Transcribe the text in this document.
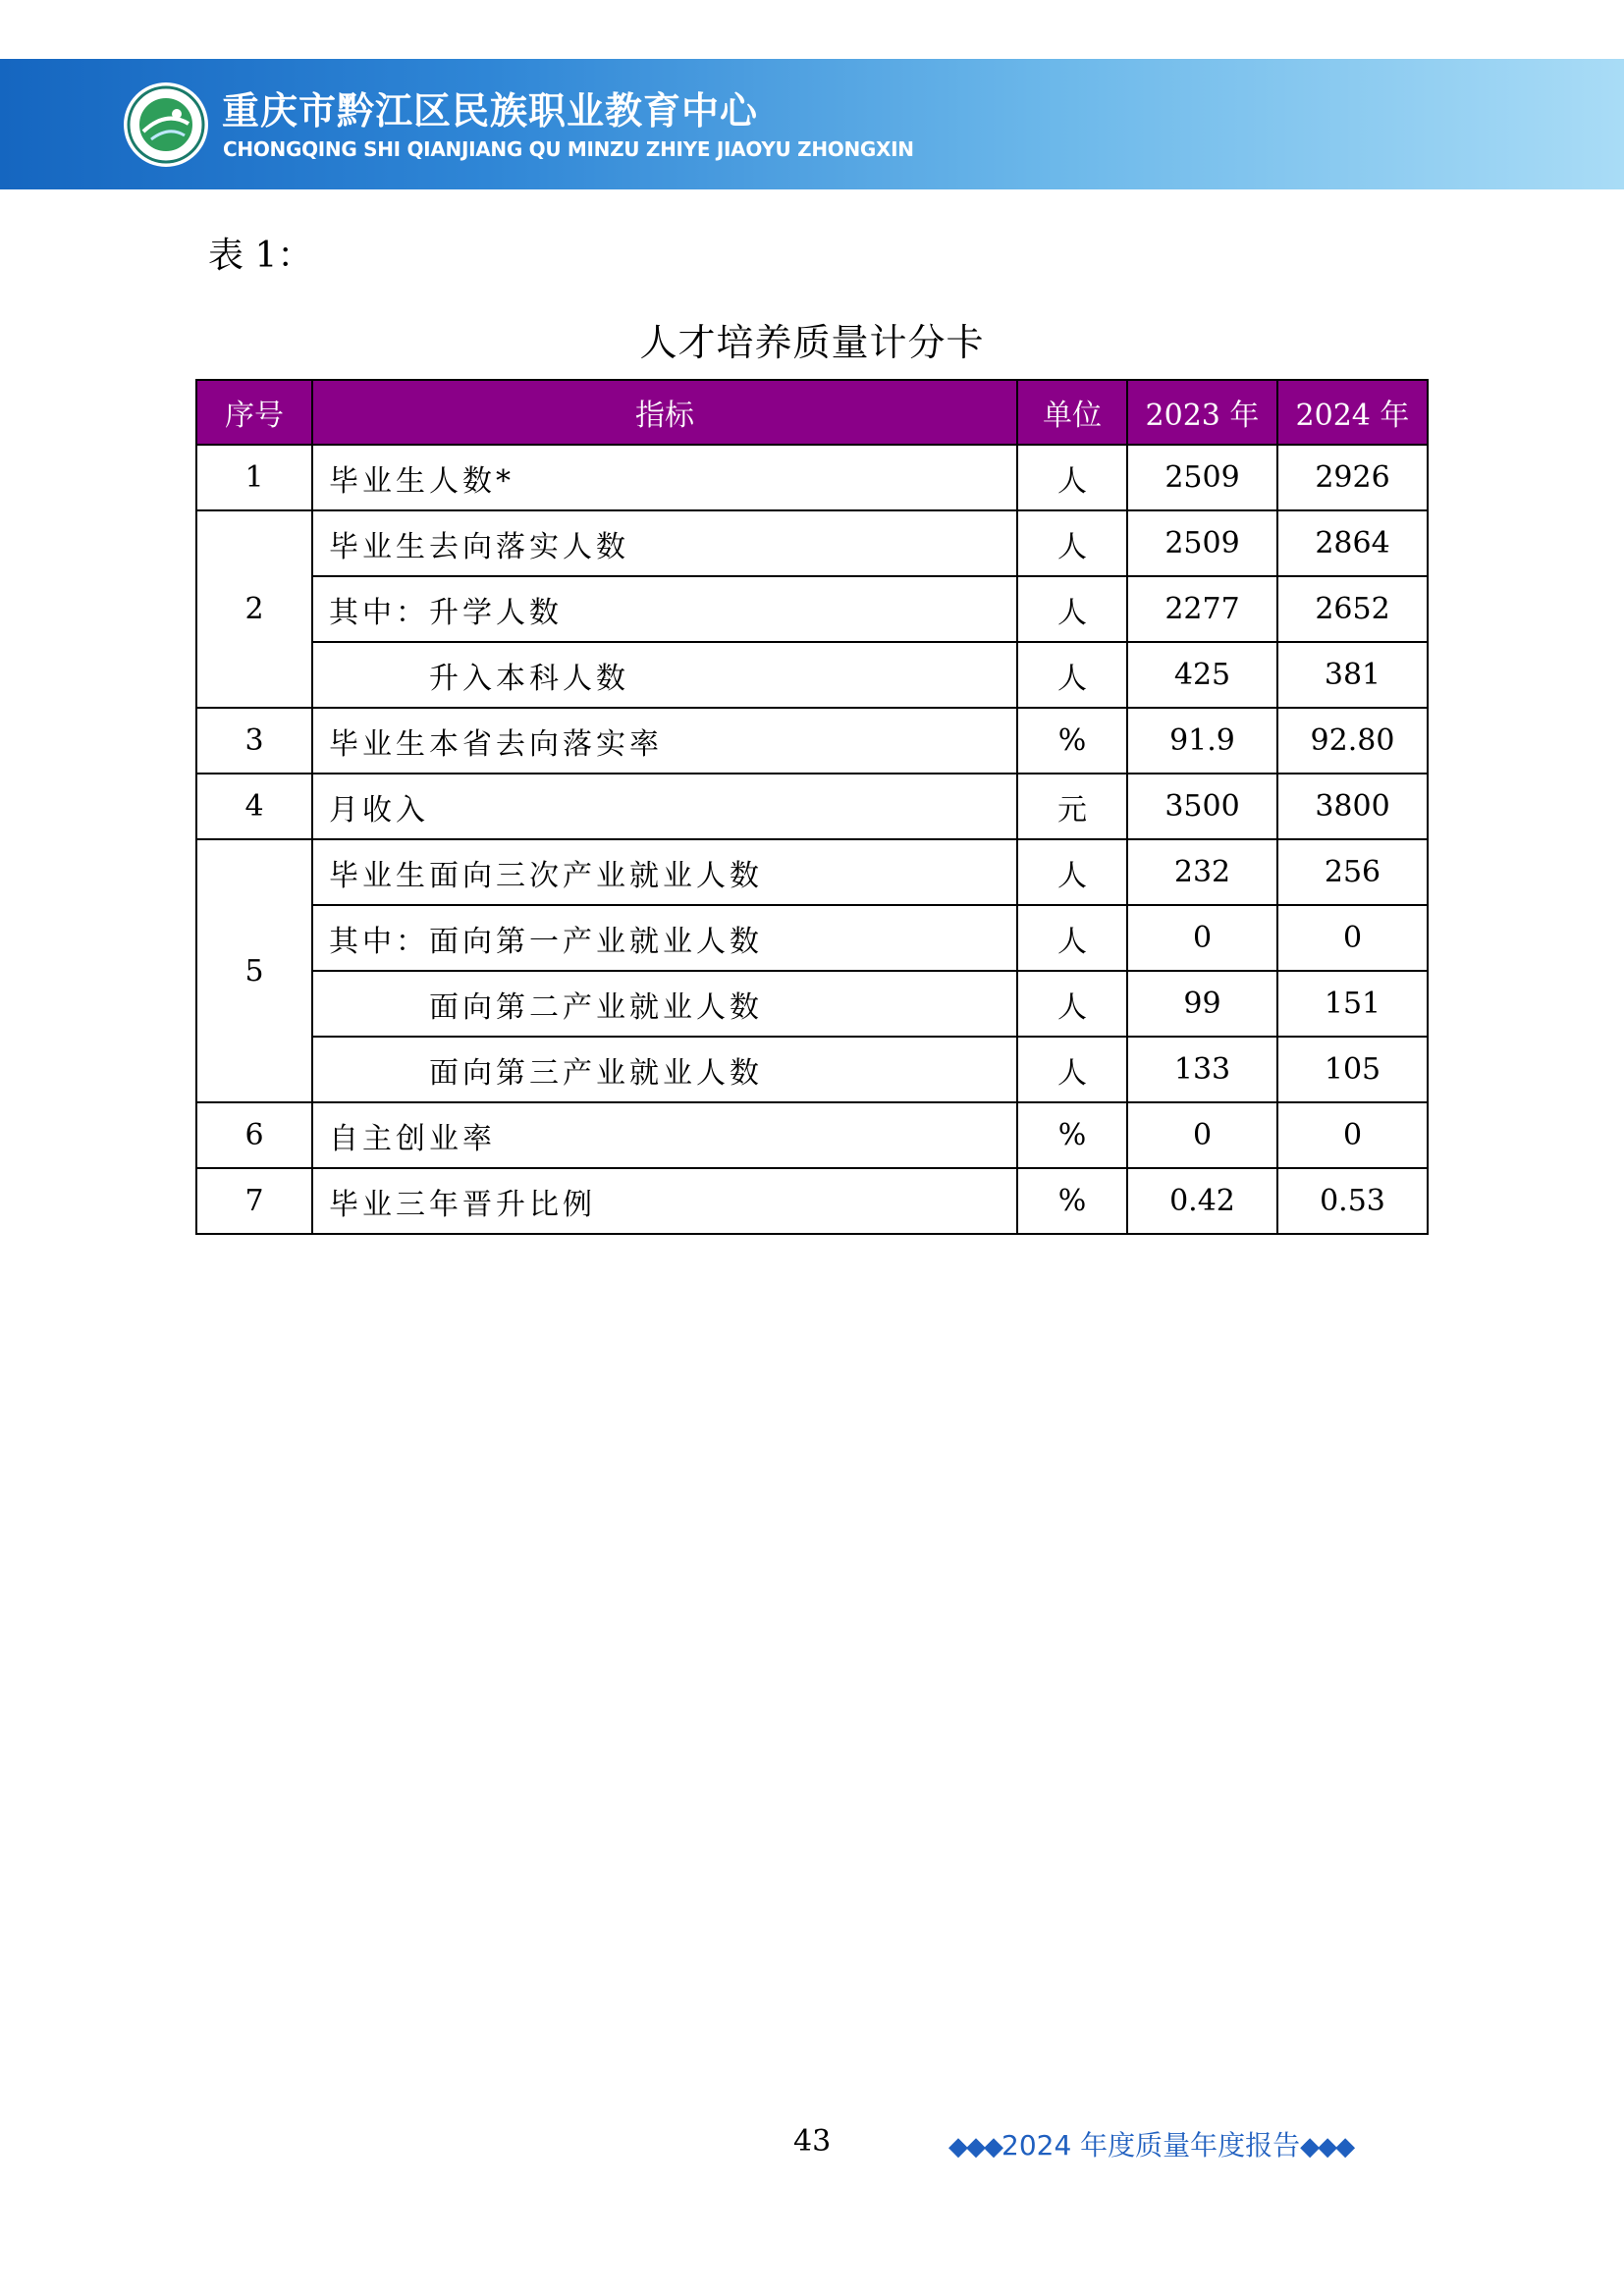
重庆市黔江区民族职业教育中心
CHONGQING SHI QIANJIANG QU MINZU ZHIYE JIAOYU ZHONGXIN
表 1：
人才培养质量计分卡
序号	指标	单位	2023 年	2024 年
1	毕业生人数*	人	2509	2926
2	毕业生去向落实人数	人	2509	2864
	其中：升学人数	人	2277	2652
	升入本科人数	人	425	381
3	毕业生本省去向落实率	%	91.9	92.80
4	月收入	元	3500	3800
5	毕业生面向三次产业就业人数	人	232	256
	其中：面向第一产业就业人数	人	0	0
	面向第二产业就业人数	人	99	151
	面向第三产业就业人数	人	133	105
6	自主创业率	%	0	0
7	毕业三年晋升比例	%	0.42	0.53
43	◆◆◆2024 年度质量年度报告◆◆◆
